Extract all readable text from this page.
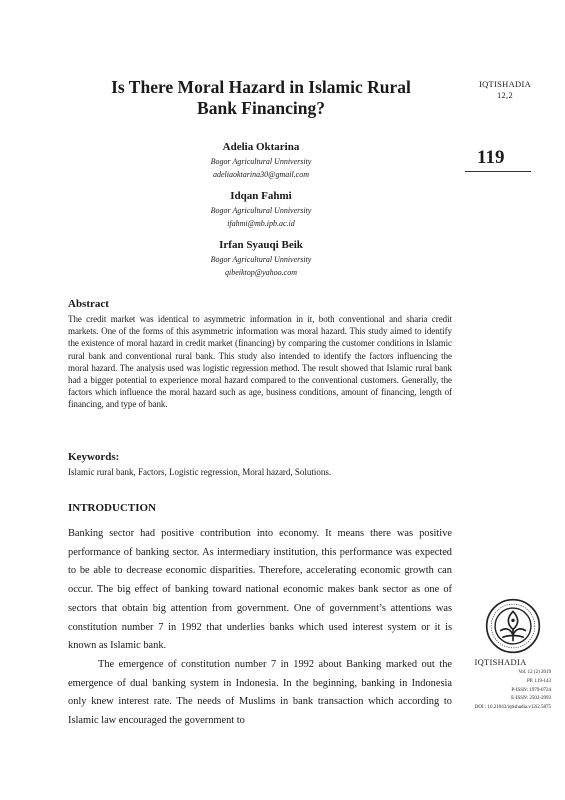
Is There Moral Hazard in Islamic Rural
Bank Financing?
IQTISHADIA
12,2
119
Adelia Oktarina
Bogor Agricultural Unniversity
adeliaoktarina30@gmail.com
Idqan Fahmi
Bogor Agricultural Unniversity
ifahmi@mb.ipb.ac.id
Irfan Syauqi Beik
Bogor Agricultural Unniversity
qibeiktop@yahoo.com
Abstract
The credit market was identical to asymmetric information in it, both conventional and sharia credit markets. One of the forms of this asymmetric information was moral hazard. This study aimed to identify the existence of moral hazard in credit market (financing) by comparing the customer conditions in Islamic rural bank and conventional rural bank. This study also intended to identify the factors influencing the moral hazard. The analysis used was logistic regression method. The result showed that Islamic rural bank had a bigger potential to experience moral hazard compared to the conventional customers. Generally, the factors which influence the moral hazard such as age, business conditions, amount of financing, length of financing, and type of bank.
Keywords:
Islamic rural bank, Factors, Logistic regression, Moral hazard, Solutions.
INTRODUCTION

Banking sector had positive contribution into economy. It means there was positive performance of banking sector. As intermediary institution, this performance was expected to be able to decrease economic disparities. Therefore, accelerating economic growth can occur. The big effect of banking toward national economic makes bank sector as one of sectors that obtain big attention from government. One of government’s attentions was constitution number 7 in 1992 that underlies banks which used interest system or it is known as Islamic bank.

The emergence of constitution number 7 in 1992 about Banking marked out the emergence of dual banking system in Indonesia. In the beginning, banking in Indonesia only knew interest rate. The needs of Muslims in bank transaction which according to Islamic law encouraged the government to

IQTISHADIA
Vol. 12 (2) 2019
PP. 119-143
P-ISSN: 1979-0724
E-ISSN: 2502-3993
DOI : 10.21043/iqtishadia.v12i2.5875
